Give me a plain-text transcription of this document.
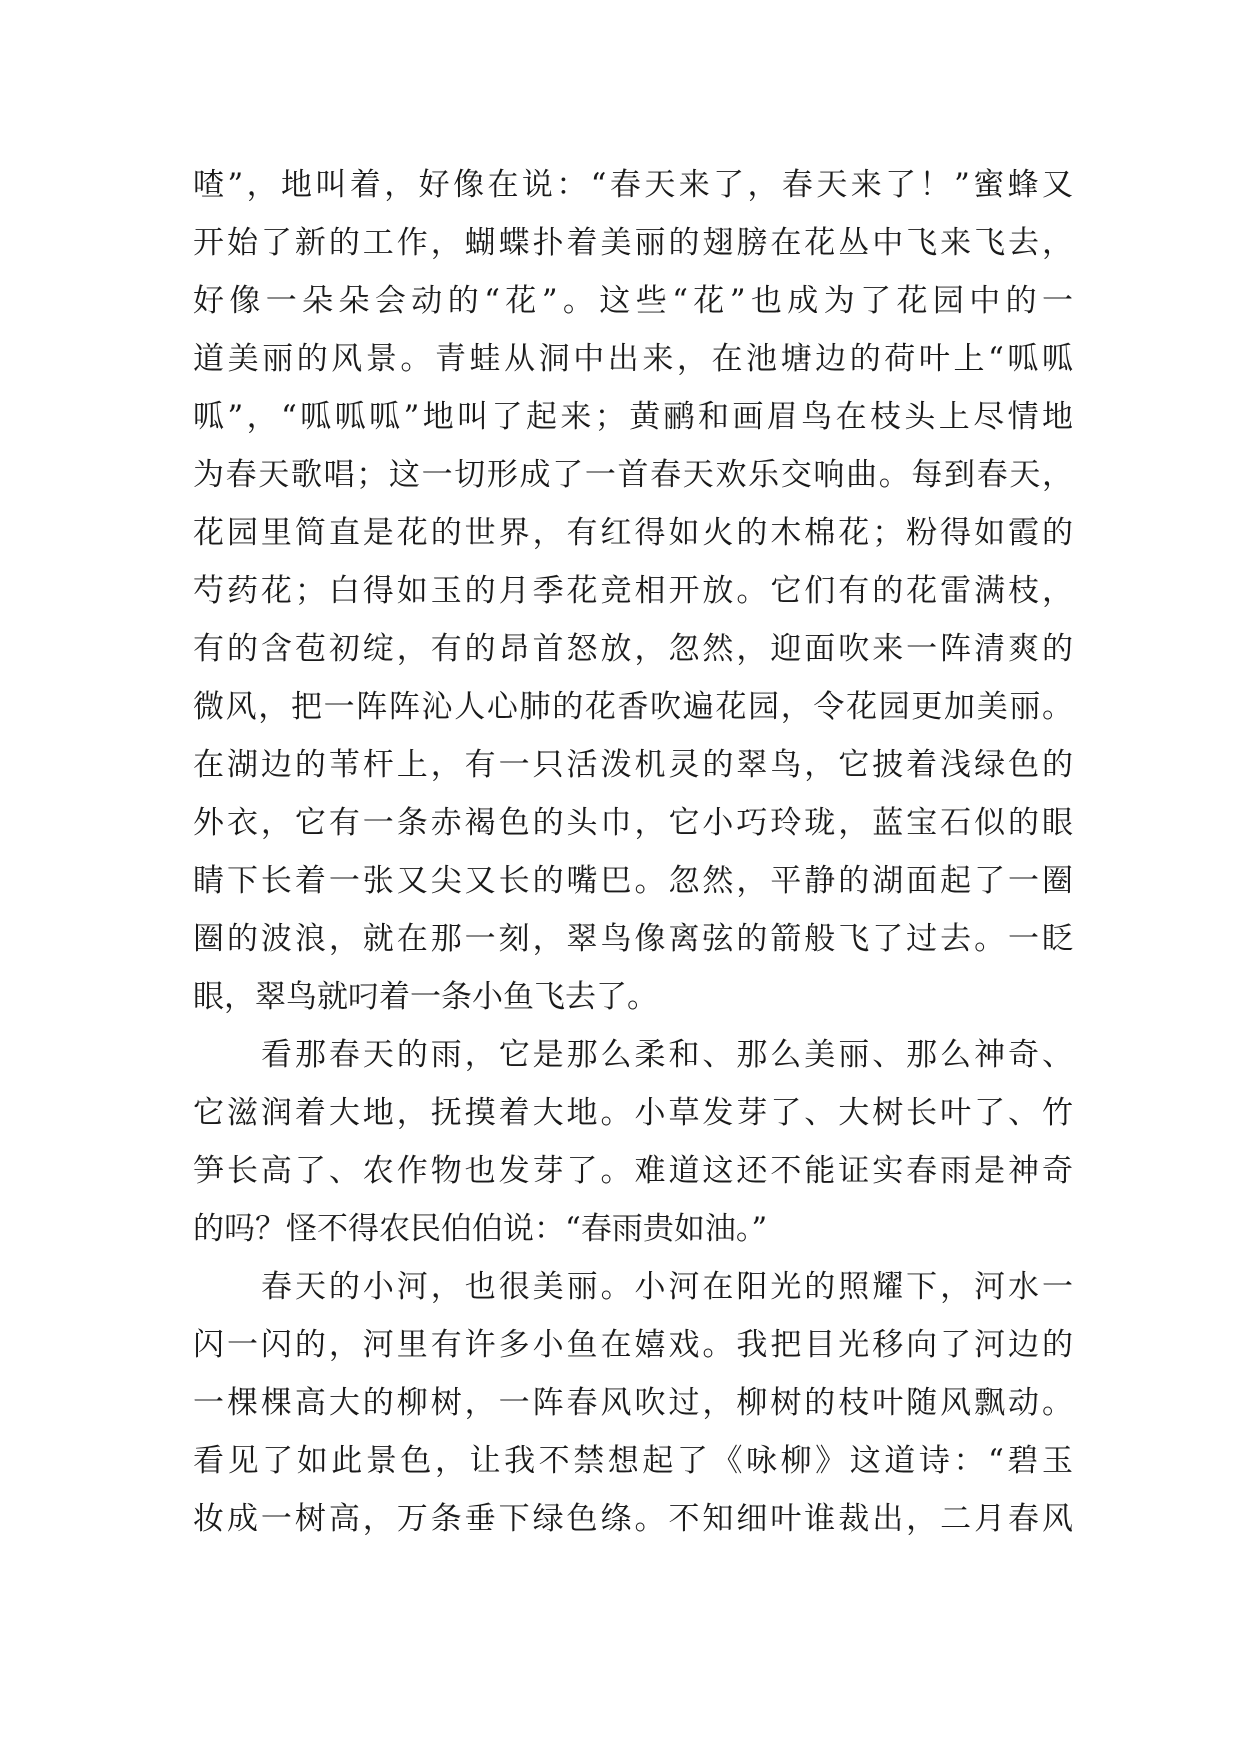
喳”，地叫着，好像在说：“春天来了，春天来了！”蜜蜂又
开始了新的工作，蝴蝶扑着美丽的翅膀在花丛中飞来飞去，
好像一朵朵会动的“花”。这些“花”也成为了花园中的一
道美丽的风景。青蛙从洞中出来，在池塘边的荷叶上“呱呱
呱”，“呱呱呱”地叫了起来；黄鹂和画眉鸟在枝头上尽情地
为春天歌唱；这一切形成了一首春天欢乐交响曲。每到春天，
花园里简直是花的世界，有红得如火的木棉花；粉得如霞的
芍药花；白得如玉的月季花竞相开放。它们有的花雷满枝，
有的含苞初绽，有的昂首怒放，忽然，迎面吹来一阵清爽的
微风，把一阵阵沁人心肺的花香吹遍花园，令花园更加美丽。
在湖边的苇杆上，有一只活泼机灵的翠鸟，它披着浅绿色的
外衣，它有一条赤褐色的头巾，它小巧玲珑，蓝宝石似的眼
睛下长着一张又尖又长的嘴巴。忽然，平静的湖面起了一圈
圈的波浪，就在那一刻，翠鸟像离弦的箭般飞了过去。一眨
眼，翠鸟就叼着一条小鱼飞去了。
看那春天的雨，它是那么柔和、那么美丽、那么神奇、
它滋润着大地，抚摸着大地。小草发芽了、大树长叶了、竹
笋长高了、农作物也发芽了。难道这还不能证实春雨是神奇
的吗？怪不得农民伯伯说：“春雨贵如油。”
春天的小河，也很美丽。小河在阳光的照耀下，河水一
闪一闪的，河里有许多小鱼在嬉戏。我把目光移向了河边的
一棵棵高大的柳树，一阵春风吹过，柳树的枝叶随风飘动。
看见了如此景色，让我不禁想起了《咏柳》这道诗：“碧玉
妆成一树高，万条垂下绿色绦。不知细叶谁裁出，二月春风
